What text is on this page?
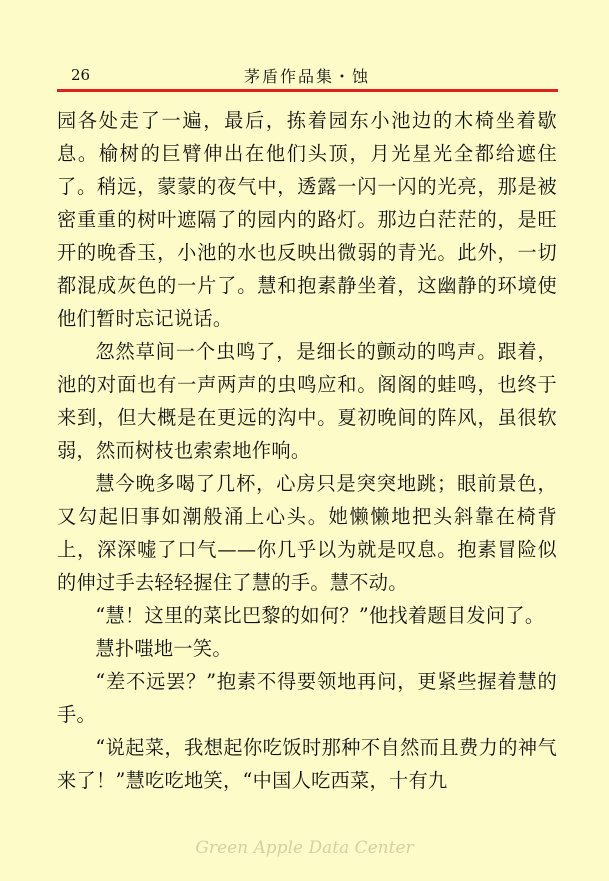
26	茅盾作品集・蚀

园各处走了一遍，最后，拣着园东小池边的木椅坐着歇息。榆树的巨臂伸出在他们头顶，月光星光全都给遮住了。稍远，蒙蒙的夜气中，透露一闪一闪的光亮，那是被密重重的树叶遮隔了的园内的路灯。那边白茫茫的，是旺开的晚香玉，小池的水也反映出微弱的青光。此外，一切都混成灰色的一片了。慧和抱素静坐着，这幽静的环境使他们暂时忘记说话。

忽然草间一个虫鸣了，是细长的颤动的鸣声。跟着，池的对面也有一声两声的虫鸣应和。阁阁的蛙鸣，也终于来到，但大概是在更远的沟中。夏初晚间的阵风，虽很软弱，然而树枝也索索地作响。

慧今晚多喝了几杯，心房只是突突地跳；眼前景色，又勾起旧事如潮般涌上心头。她懒懒地把头斜靠在椅背上，深深嘘了口气——你几乎以为就是叹息。抱素冒险似的伸过手去轻轻握住了慧的手。慧不动。

“慧！这里的菜比巴黎的如何？”他找着题目发问了。

慧扑嗤地一笑。

“差不远罢？”抱素不得要领地再问，更紧些握着慧的手。

“说起菜，我想起你吃饭时那种不自然而且费力的神气来了！”慧吃吃地笑，“中国人吃西菜，十有九

Green Apple Data Center
